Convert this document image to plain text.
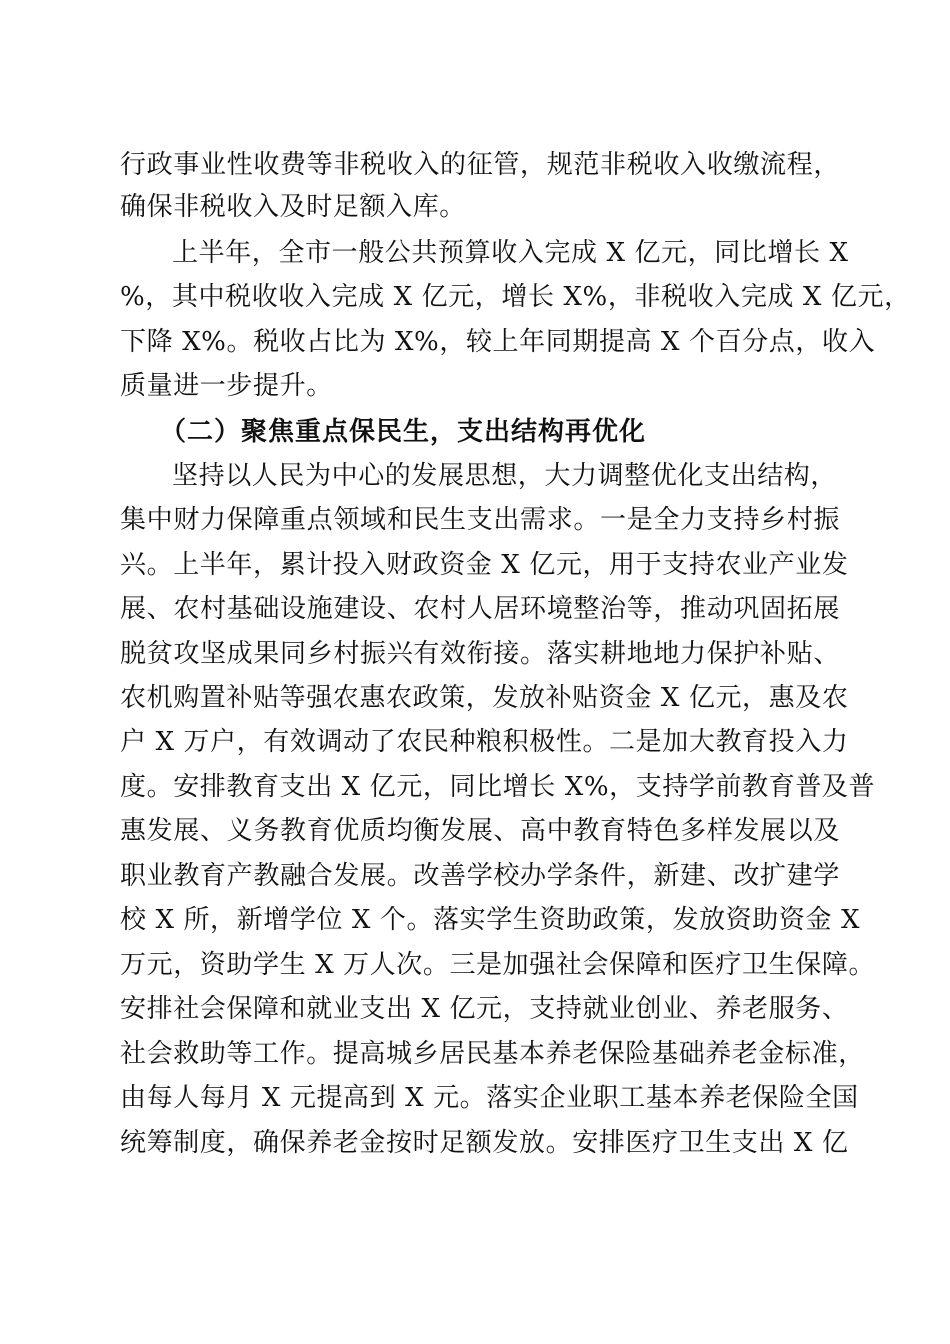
行政事业性收费等非税收入的征管，规范非税收入收缴流程，
确保非税收入及时足额入库。
上半年，全市一般公共预算收入完成 X 亿元，同比增长 X
%，其中税收收入完成 X 亿元，增长 X%，非税收入完成 X 亿元，
下降 X%。税收占比为 X%，较上年同期提高 X 个百分点，收入
质量进一步提升。
（二）聚焦重点保民生，支出结构再优化
坚持以人民为中心的发展思想，大力调整优化支出结构，
集中财力保障重点领域和民生支出需求。一是全力支持乡村振
兴。上半年，累计投入财政资金 X 亿元，用于支持农业产业发
展、农村基础设施建设、农村人居环境整治等，推动巩固拓展
脱贫攻坚成果同乡村振兴有效衔接。落实耕地地力保护补贴、
农机购置补贴等强农惠农政策，发放补贴资金 X 亿元，惠及农
户 X 万户，有效调动了农民种粮积极性。二是加大教育投入力
度。安排教育支出 X 亿元，同比增长 X%，支持学前教育普及普
惠发展、义务教育优质均衡发展、高中教育特色多样发展以及
职业教育产教融合发展。改善学校办学条件，新建、改扩建学
校 X 所，新增学位 X 个。落实学生资助政策，发放资助资金 X
万元，资助学生 X 万人次。三是加强社会保障和医疗卫生保障。
安排社会保障和就业支出 X 亿元，支持就业创业、养老服务、
社会救助等工作。提高城乡居民基本养老保险基础养老金标准，
由每人每月 X 元提高到 X 元。落实企业职工基本养老保险全国
统筹制度，确保养老金按时足额发放。安排医疗卫生支出 X 亿
